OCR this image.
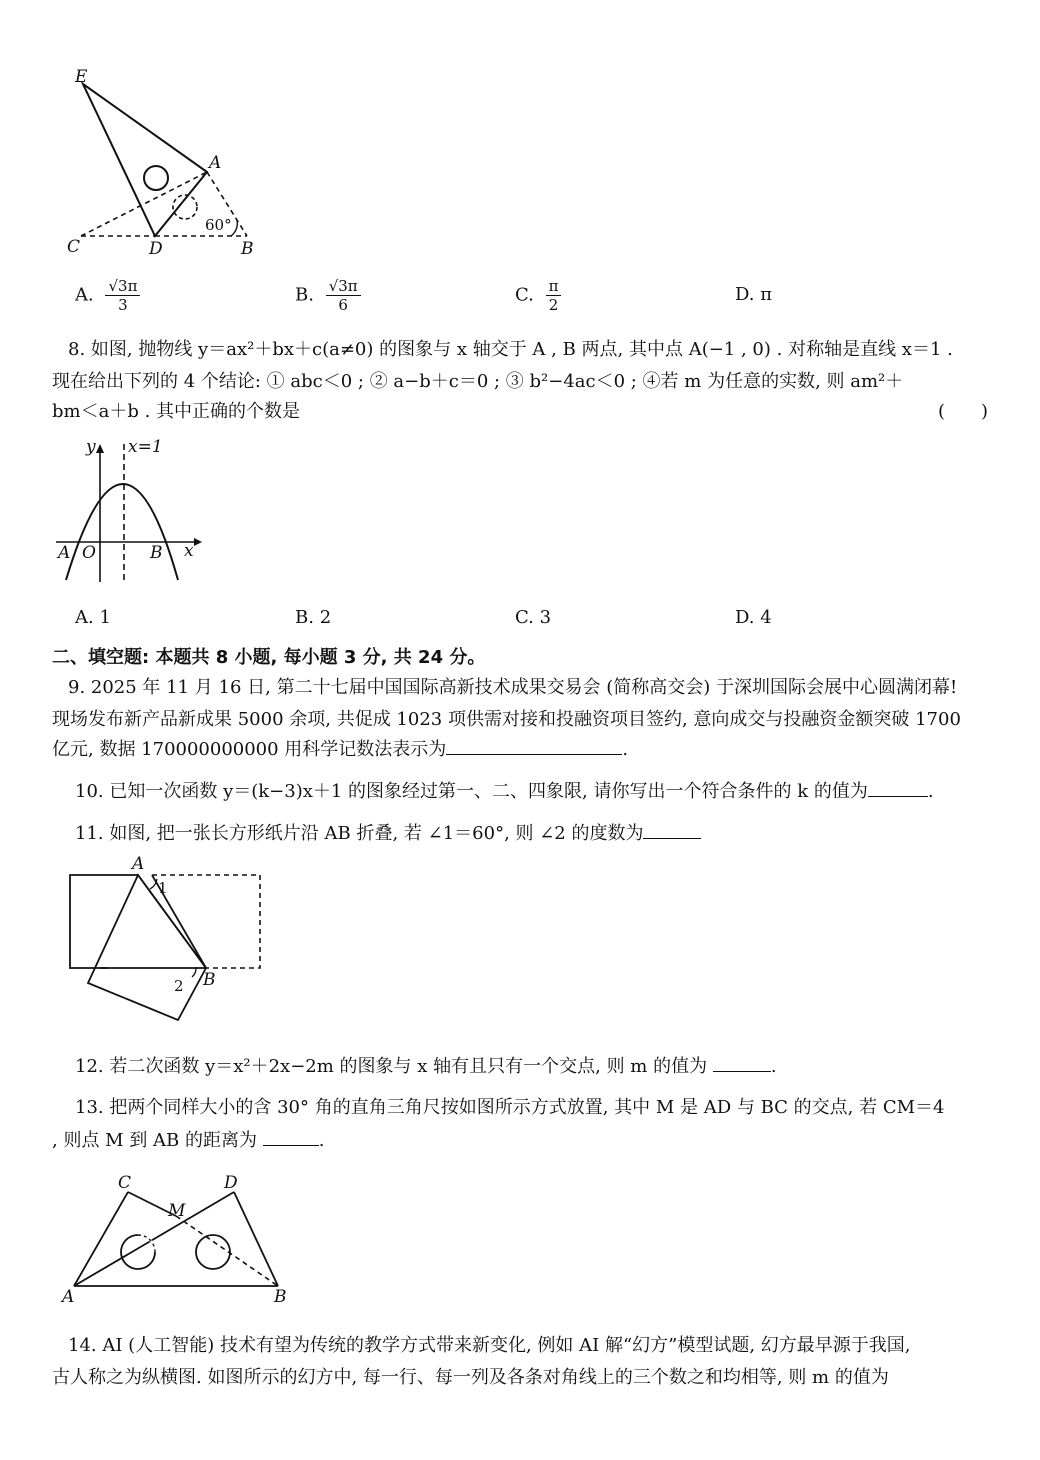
E
A
C	D	B
60°
A. $\frac{√3\pi}{3}$	B. $\frac{√3\pi}{6}$	C. $\frac{\pi}{2}$	D. π
8. 如图, 抛物线 y＝ax²＋bx＋c(a≠0) 的图象与 x 轴交于 A , B 两点, 其中点 A(−1 , 0) . 对称轴是直线 x＝1 .
现在给出下列的 4 个结论: ① abc＜0 ; ② a−b＋c＝0 ; ③ b²−4ac＜0 ; ④若 m 为任意的实数, 则 am²＋
bm＜a＋b . 其中正确的个数是	(　　)
y x=1
A O	B x
A. 1	B. 2	C. 3	D. 4
二、填空题: 本题共 8 小题, 每小题 3 分, 共 24 分。
9. 2025 年 11 月 16 日, 第二十七届中国国际高新技术成果交易会 (简称高交会) 于深圳国际会展中心圆满闭幕!
现场发布新产品新成果 5000 余项, 共促成 1023 项供需对接和投融资项目签约, 意向成交与投融资金额突破 1700
亿元, 数据 170000000000 用科学记数法表示为	.
10. 已知一次函数 y＝(k−3)x＋1 的图象经过第一、二、四象限, 请你写出一个符合条件的 k 的值为	.
11. 如图, 把一张长方形纸片沿 AB 折叠, 若 ∠1＝60°, 则 ∠2 的度数为
A
1
2 B
12. 若二次函数 y＝x²＋2x−2m 的图象与 x 轴有且只有一个交点, 则 m 的值为	.
13. 把两个同样大小的含 30° 角的直角三角尺按如图所示方式放置, 其中 M 是 AD 与 BC 的交点, 若 CM＝4
, 则点 M 到 AB 的距离为	.
C	D
M
A	B
14. AI (人工智能) 技术有望为传统的教学方式带来新变化, 例如 AI 解“幻方”模型试题, 幻方最早源于我国,
古人称之为纵横图. 如图所示的幻方中, 每一行、每一列及各条对角线上的三个数之和均相等, 则 m 的值为
